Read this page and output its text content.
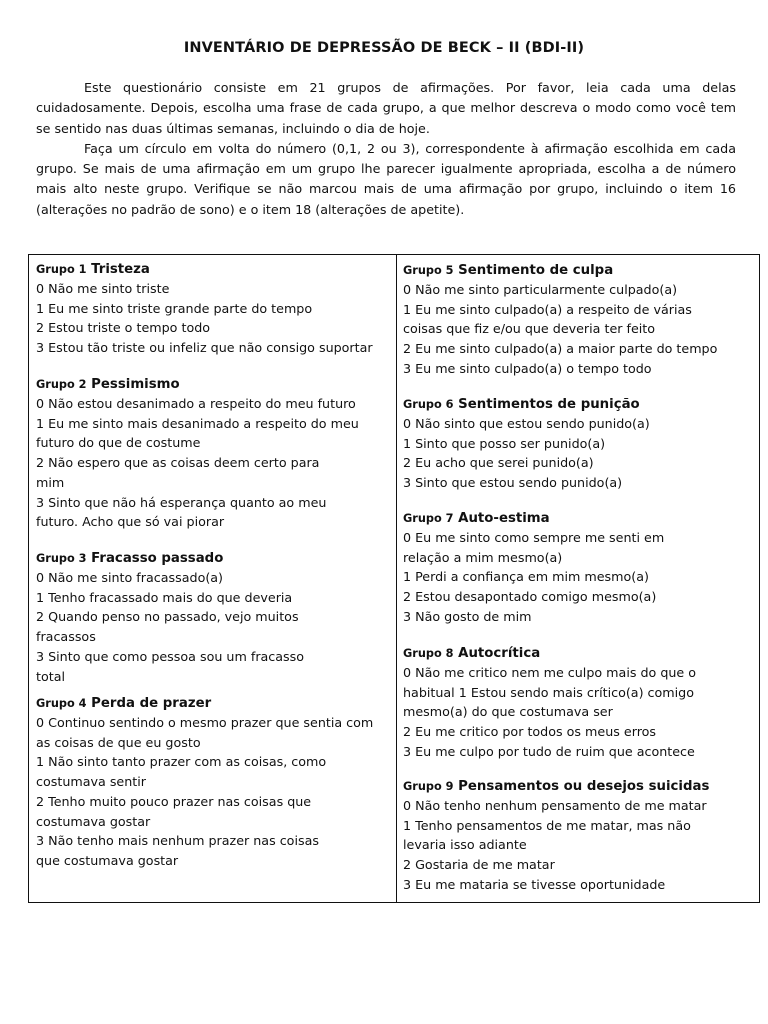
INVENTÁRIO DE DEPRESSÃO DE BECK – II (BDI-II)

Este questionário consiste em 21 grupos de afirmações. Por favor, leia cada uma delas cuidadosamente. Depois, escolha uma frase de cada grupo, a que melhor descreva o modo como você tem se sentido nas duas últimas semanas, incluindo o dia de hoje.

Faça um círculo em volta do número (0,1, 2 ou 3), correspondente à afirmação escolhida em cada grupo. Se mais de uma afirmação em um grupo lhe parecer igualmente apropriada, escolha a de número mais alto neste grupo. Verifique se não marcou mais de uma afirmação por grupo, incluindo o item 16 (alterações no padrão de sono) e o item 18 (alterações de apetite).

Grupo 1 Tristeza
0 Não me sinto triste
1 Eu me sinto triste grande parte do tempo
2 Estou triste o tempo todo
3 Estou tão triste ou infeliz que não consigo suportar
Grupo 2 Pessimismo
0 Não estou desanimado a respeito do meu futuro
1 Eu me sinto mais desanimado a respeito do meu futuro do que de costume
2 Não espero que as coisas deem certo para mim
3 Sinto que não há esperança quanto ao meu futuro. Acho que só vai piorar
Grupo 3 Fracasso passado
0 Não me sinto fracassado(a)
1 Tenho fracassado mais do que deveria
2 Quando penso no passado, vejo muitos fracassos
3 Sinto que como pessoa sou um fracasso total
Grupo 4 Perda de prazer
0 Continuo sentindo o mesmo prazer que sentia com as coisas de que eu gosto
1 Não sinto tanto prazer com as coisas, como costumava sentir
2 Tenho muito pouco prazer nas coisas que costumava gostar
3 Não tenho mais nenhum prazer nas coisas que costumava gostar
Grupo 5 Sentimento de culpa
0 Não me sinto particularmente culpado(a)
1 Eu me sinto culpado(a) a respeito de várias coisas que fiz e/ou que deveria ter feito
2 Eu me sinto culpado(a) a maior parte do tempo
3 Eu me sinto culpado(a) o tempo todo
Grupo 6 Sentimentos de punição
0 Não sinto que estou sendo punido(a)
1 Sinto que posso ser punido(a)
2 Eu acho que serei punido(a)
3 Sinto que estou sendo punido(a)
Grupo 7 Auto-estima
0 Eu me sinto como sempre me senti em relação a mim mesmo(a)
1 Perdi a confiança em mim mesmo(a)
2 Estou desapontado comigo mesmo(a)
3 Não gosto de mim
Grupo 8 Autocrítica
0 Não me critico nem me culpo mais do que o habitual 1 Estou sendo mais crítico(a) comigo mesmo(a) do que costumava ser
2 Eu me critico por todos os meus erros
3 Eu me culpo por tudo de ruim que acontece
Grupo 9 Pensamentos ou desejos suicidas
0 Não tenho nenhum pensamento de me matar
1 Tenho pensamentos de me matar, mas não levaria isso adiante
2 Gostaria de me matar
3 Eu me mataria se tivesse oportunidade
